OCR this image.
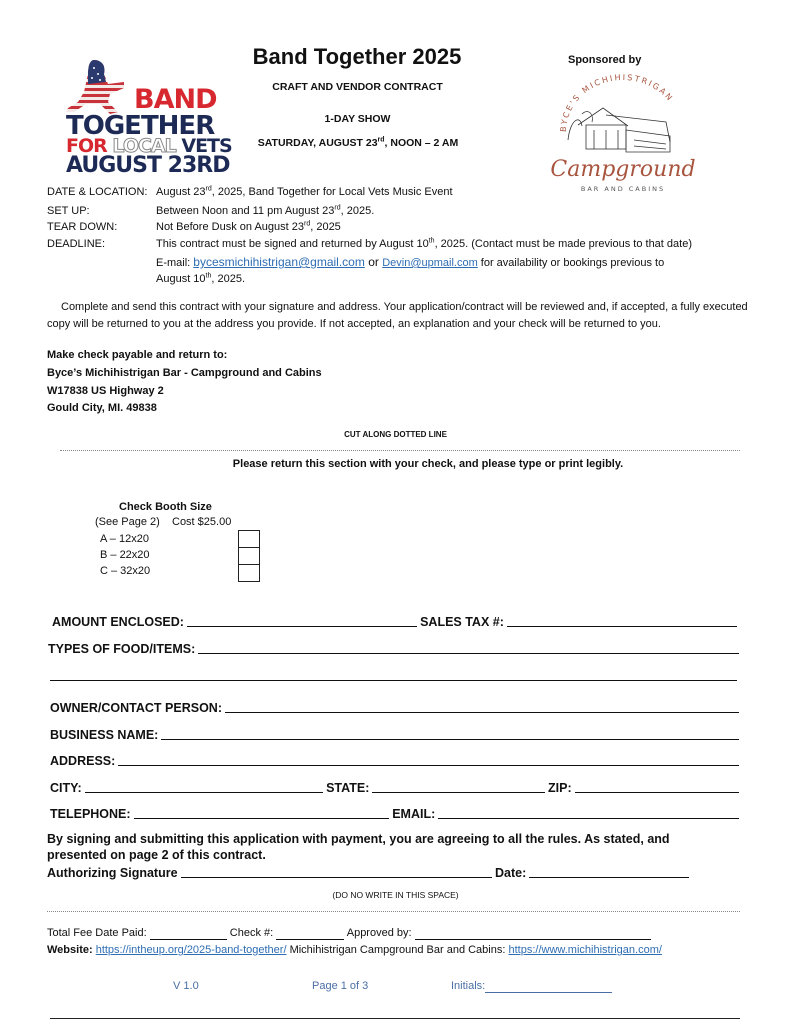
BAND
TOGETHER
FOR LOCAL VETS
AUGUST 23RD
Band Together 2025
CRAFT AND VENDOR CONTRACT
1-DAY SHOW
SATURDAY, AUGUST 23rd, NOON – 2 AM
Sponsored by
BYCE'S MICHIHISTRIGAN
Campground
BAR AND CABINS
DATE & LOCATION: August 23rd, 2025, Band Together for Local Vets Music Event
SET UP:	Between Noon and 11 pm August 23rd, 2025.
TEAR DOWN:	Not Before Dusk on August 23rd, 2025
DEADLINE:	This contract must be signed and returned by August 10th, 2025. (Contact must be made previous to that date)
E-mail: bycesmichihistrigan@gmail.com or Devin@upmail.com for availability or bookings previous to
August 10th, 2025.
Complete and send this contract with your signature and address. Your application/contract will be reviewed and, if accepted, a fully executed copy will be returned to you at the address you provide. If not accepted, an explanation and your check will be returned to you.
Make check payable and return to:
Byce’s Michihistrigan Bar - Campground and Cabins
W17838 US Highway 2
Gould City, MI. 49838
CUT ALONG DOTTED LINE
Please return this section with your check, and please type or print legibly.
Check Booth Size
(See Page 2) Cost $25.00
A – 12x20
B – 22x20
C – 32x20
AMOUNT ENCLOSED:	SALES TAX #:
TYPES OF FOOD/ITEMS:
OWNER/CONTACT PERSON:
BUSINESS NAME:
ADDRESS:
CITY:	STATE:	ZIP:
TELEPHONE:	EMAIL:
By signing and submitting this application with payment, you are agreeing to all the rules. As stated, and
presented on page 2 of this contract.
Authorizing Signature	Date:
(DO NO WRITE IN THIS SPACE)
Total Fee Date Paid:	Check #:	Approved by:
Website: https://intheup.org/2025-band-together/ Michihistrigan Campground Bar and Cabins: https://www.michihistrigan.com/
V 1.0	Page 1 of 3	Initials:
